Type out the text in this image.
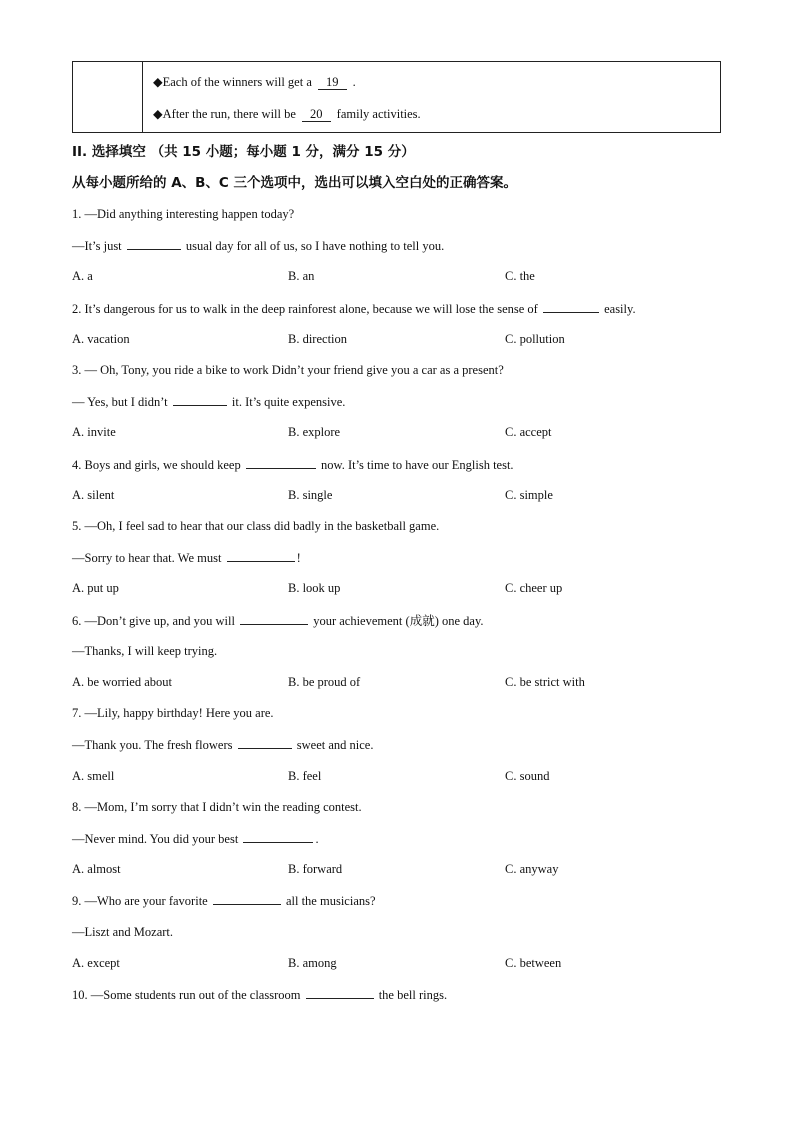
◆Each of the winners will get a 19 .
◆After the run, there will be 20 family activities.
II. 选择填空 （共 15 小题；每小题 1 分，满分 15 分）
从每小题所给的 A、B、C 三个选项中，选出可以填入空白处的正确答案。
1. —Did anything interesting happen today?
—It’s just	usual day for all of us, so I have nothing to tell you.
A. a	B. an	C. the
2. It’s dangerous for us to walk in the deep rainforest alone, because we will lose the sense of	easily.
A. vacation	B. direction	C. pollution
3. — Oh, Tony, you ride a bike to work Didn’t your friend give you a car as a present?
— Yes, but I didn’t	it. It’s quite expensive.
A. invite	B. explore	C. accept
4. Boys and girls, we should keep	now. It’s time to have our English test.
A. silent	B. single	C. simple
5. —Oh, I feel sad to hear that our class did badly in the basketball game.
—Sorry to hear that. We must	!
A. put up	B. look up	C. cheer up
6. —Don’t give up, and you will	your achievement (成就) one day.
—Thanks, I will keep trying.
A. be worried about	B. be proud of	C. be strict with
7. —Lily, happy birthday! Here you are.
—Thank you. The fresh flowers	sweet and nice.
A. smell	B. feel	C. sound
8. —Mom, I’m sorry that I didn’t win the reading contest.
—Never mind. You did your best	.
A. almost	B. forward	C. anyway
9. —Who are your favorite	all the musicians?
—Liszt and Mozart.
A. except	B. among	C. between
10. —Some students run out of the classroom	the bell rings.
